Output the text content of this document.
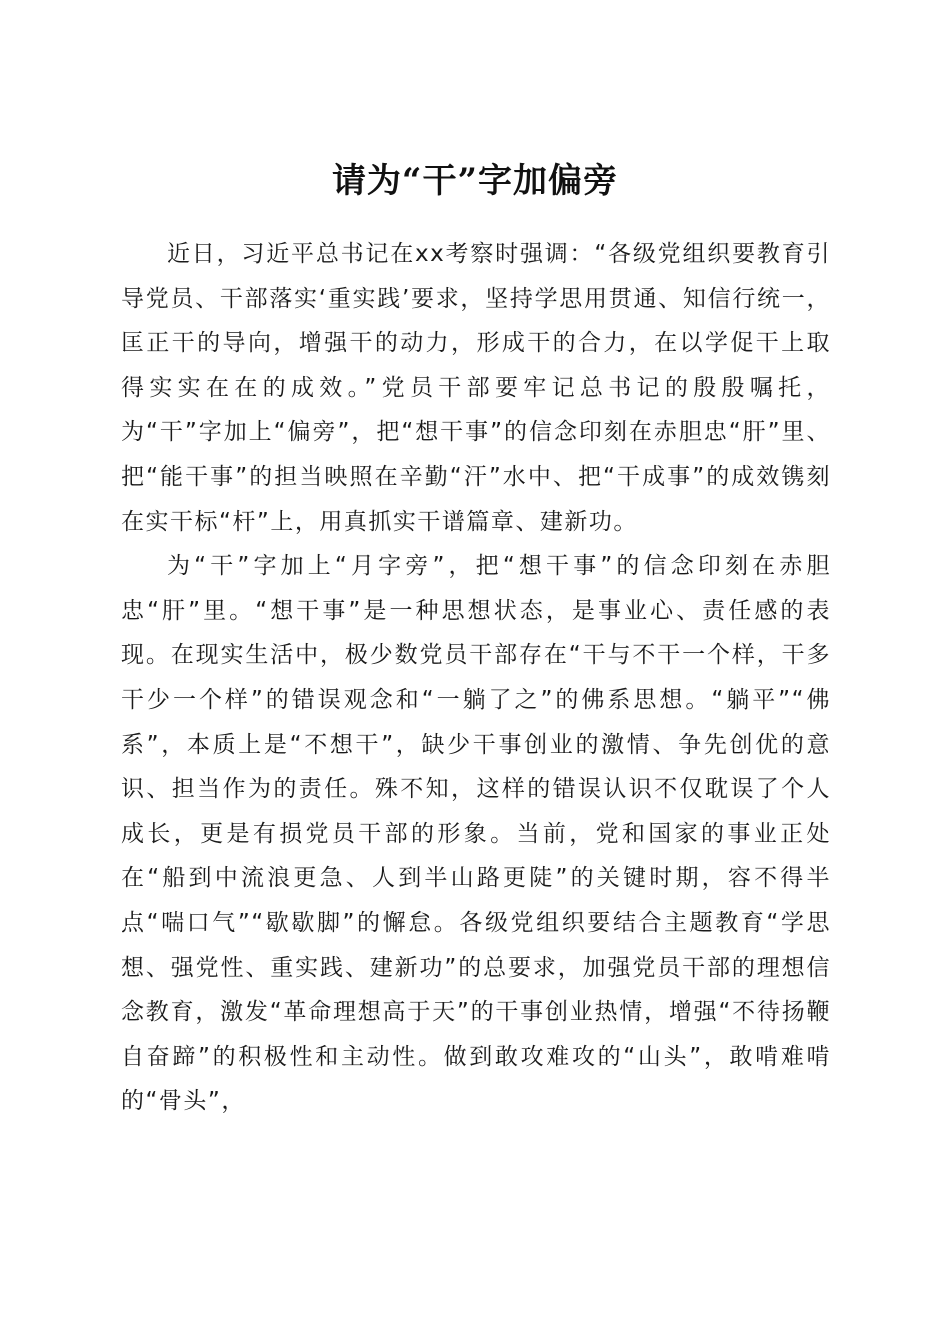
请为“干”字加偏旁

近日，习近平总书记在xx考察时强调：“各级党组织要教育引导党员、干部落实‘重实践’要求，坚持学思用贯通、知信行统一，匡正干的导向，增强干的动力，形成干的合力，在以学促干上取得实实在在的成效。”党员干部要牢记总书记的殷殷嘱托，为“干”字加上“偏旁”，把“想干事”的信念印刻在赤胆忠“肝”里、把“能干事”的担当映照在辛勤“汗”水中、把“干成事”的成效镌刻在实干标“杆”上，用真抓实干谱篇章、建新功。

为“干”字加上“月字旁”，把“想干事”的信念印刻在赤胆忠“肝”里。“想干事”是一种思想状态，是事业心、责任感的表现。在现实生活中，极少数党员干部存在“干与不干一个样，干多干少一个样”的错误观念和“一躺了之”的佛系思想。“躺平”“佛系”，本质上是“不想干”，缺少干事创业的激情、争先创优的意识、担当作为的责任。殊不知，这样的错误认识不仅耽误了个人成长，更是有损党员干部的形象。当前，党和国家的事业正处在“船到中流浪更急、人到半山路更陡”的关键时期，容不得半点“喘口气”“歇歇脚”的懈怠。各级党组织要结合主题教育“学思想、强党性、重实践、建新功”的总要求，加强党员干部的理想信念教育，激发“革命理想高于天”的干事创业热情，增强“不待扬鞭自奋蹄”的积极性和主动性。做到敢攻难攻的“山头”，敢啃难啃的“骨头”，
